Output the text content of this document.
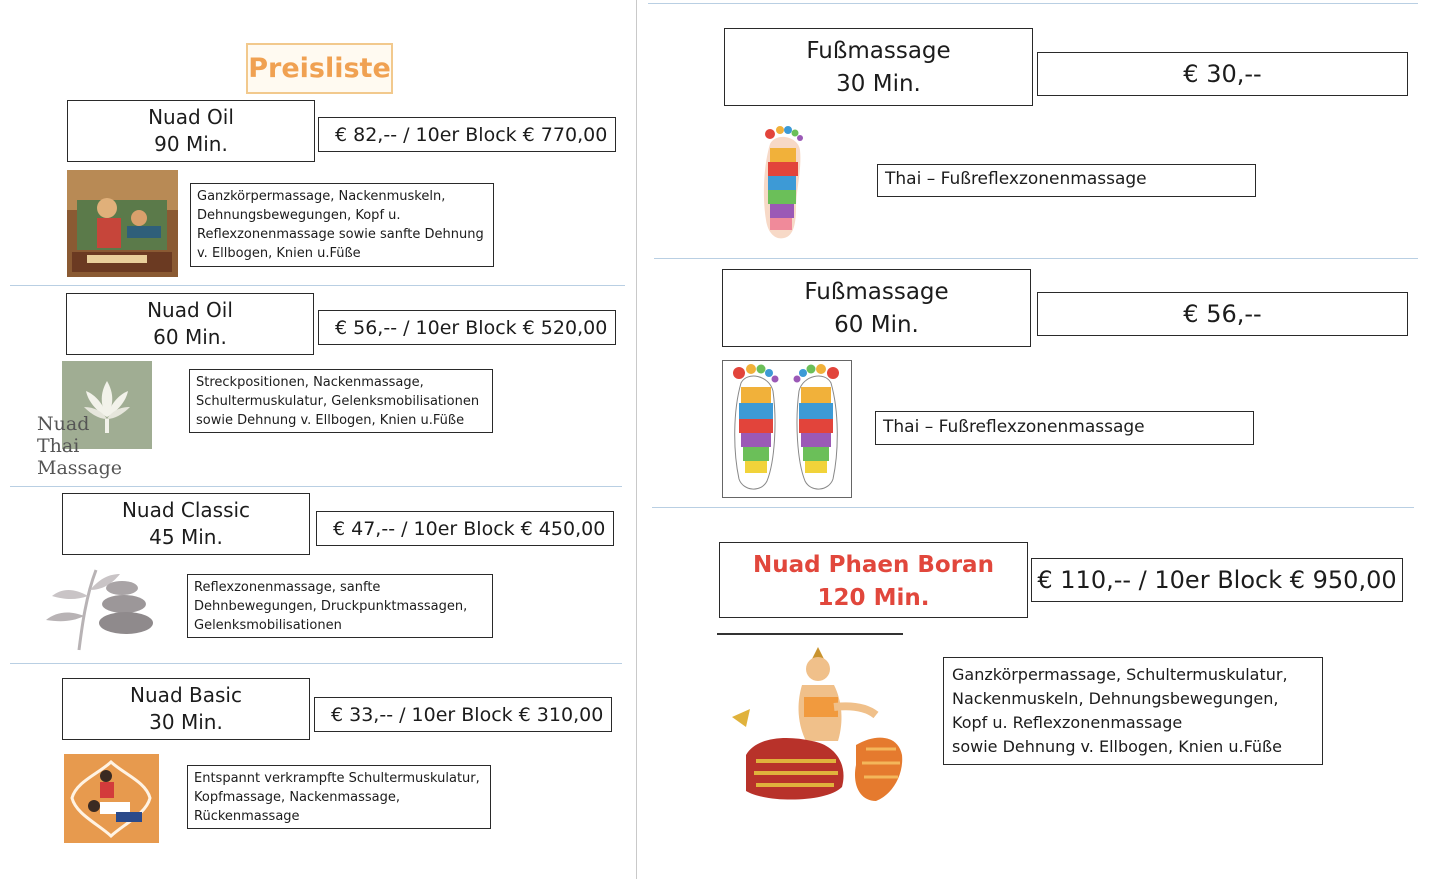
Preisliste
Nuad Oil
90 Min.	€ 82,-- / 10er Block € 770,00
Ganzkörpermassage, Nackenmuskeln,
Dehnungsbewegungen, Kopf u.
Reflexzonenmassage sowie sanfte Dehnung
v. Ellbogen, Knien u.Füße
Nuad Oil
60 Min.	€ 56,-- / 10er Block € 520,00
Nuad
Thai
Massage
Streckpositionen, Nackenmassage,
Schultermuskulatur, Gelenksmobilisationen
sowie Dehnung v. Ellbogen, Knien u.Füße
Nuad Classic
45 Min.	€ 47,-- / 10er Block € 450,00
Reflexzonenmassage, sanfte
Dehnbewegungen, Druckpunktmassagen,
Gelenksmobilisationen
Nuad Basic
30 Min.	€ 33,-- / 10er Block € 310,00
Entspannt verkrampfte Schultermuskulatur,
Kopfmassage, Nackenmassage,
Rückenmassage
Fußmassage
30 Min.	€ 30,--
Thai – Fußreflexzonenmassage
Fußmassage
60 Min.	€ 56,--
Thai – Fußreflexzonenmassage
Nuad Phaen Boran
120 Min.
€ 110,-- / 10er Block € 950,00
Ganzkörpermassage, Schultermuskulatur,
Nackenmuskeln, Dehnungsbewegungen,
Kopf u. Reflexzonenmassage
sowie Dehnung v. Ellbogen, Knien u.Füße
